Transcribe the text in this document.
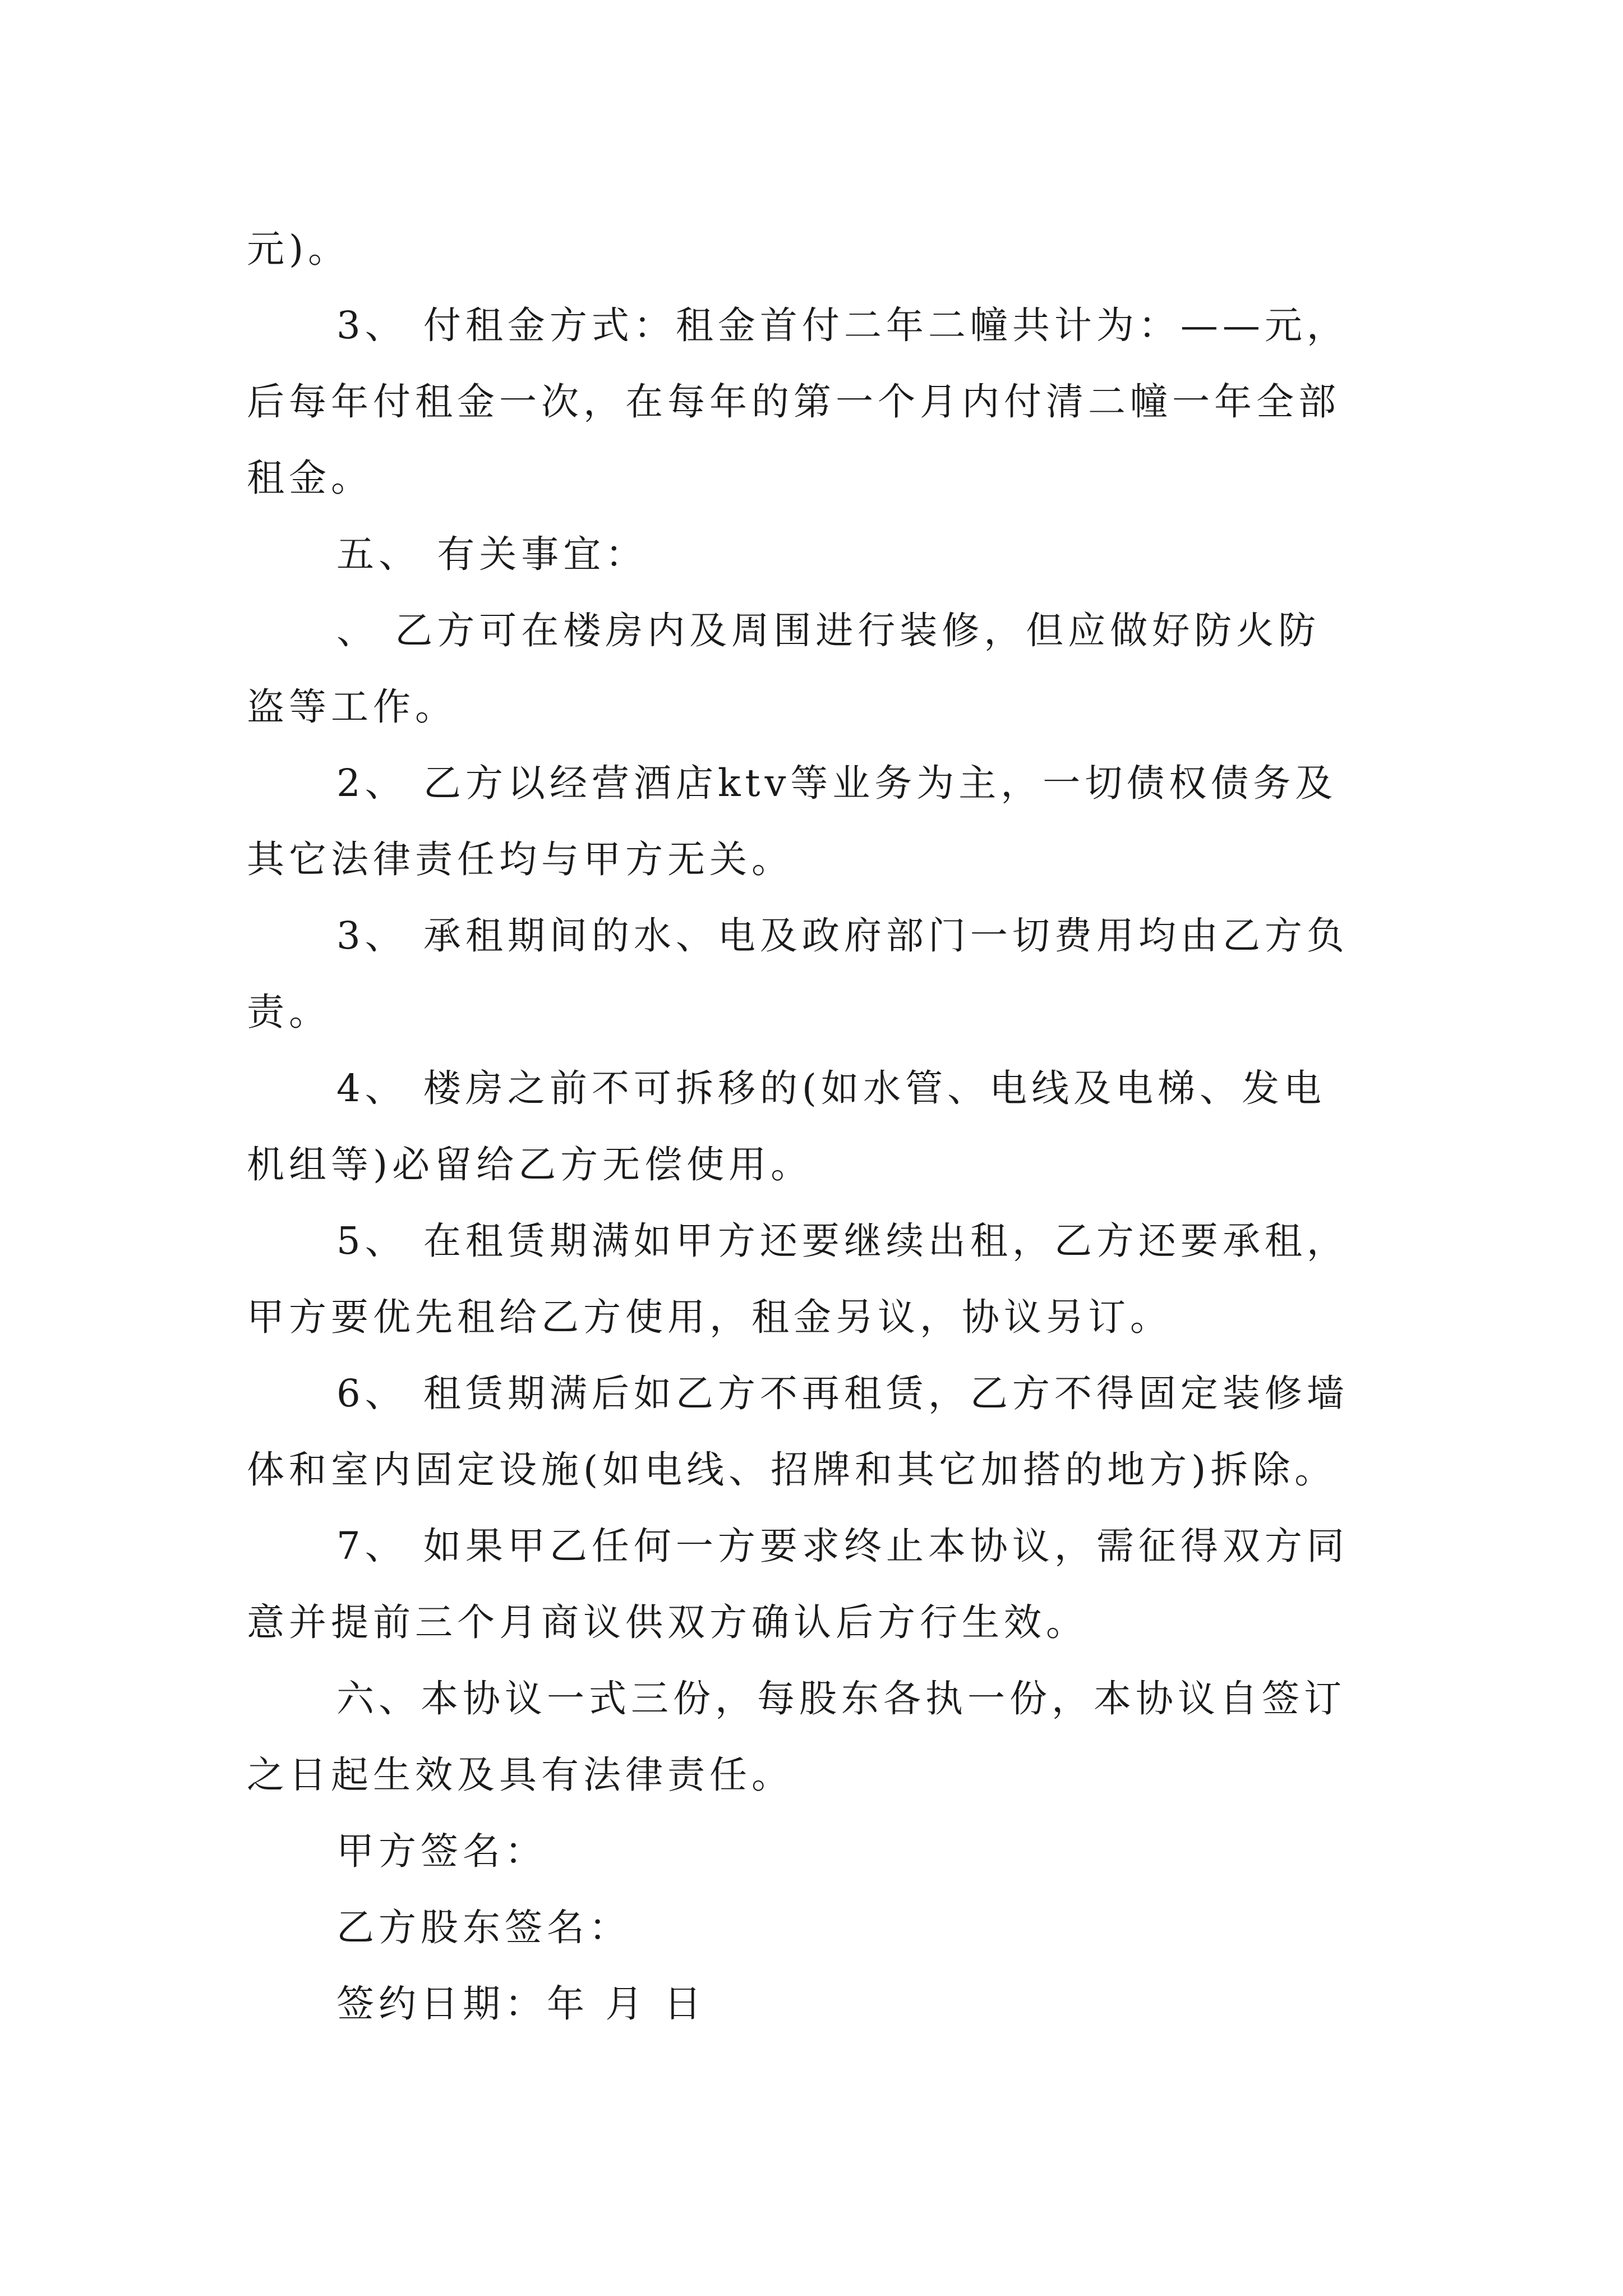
元)。

3、 付租金方式：租金首付二年二幢共计为：——元，

后每年付租金一次，在每年的第一个月内付清二幢一年全部

租金。

五、 有关事宜：

、 乙方可在楼房内及周围进行装修，但应做好防火防

盗等工作。

2、 乙方以经营酒店ktv等业务为主，一切债权债务及

其它法律责任均与甲方无关。

3、 承租期间的水、电及政府部门一切费用均由乙方负

责。

4、 楼房之前不可拆移的(如水管、电线及电梯、发电

机组等)必留给乙方无偿使用。

5、 在租赁期满如甲方还要继续出租，乙方还要承租，

甲方要优先租给乙方使用，租金另议，协议另订。

6、 租赁期满后如乙方不再租赁，乙方不得固定装修墙

体和室内固定设施(如电线、招牌和其它加搭的地方)拆除。

7、 如果甲乙任何一方要求终止本协议，需征得双方同

意并提前三个月商议供双方确认后方行生效。

六、本协议一式三份，每股东各执一份，本协议自签订

之日起生效及具有法律责任。

甲方签名：

乙方股东签名：

签约日期：年 月 日
